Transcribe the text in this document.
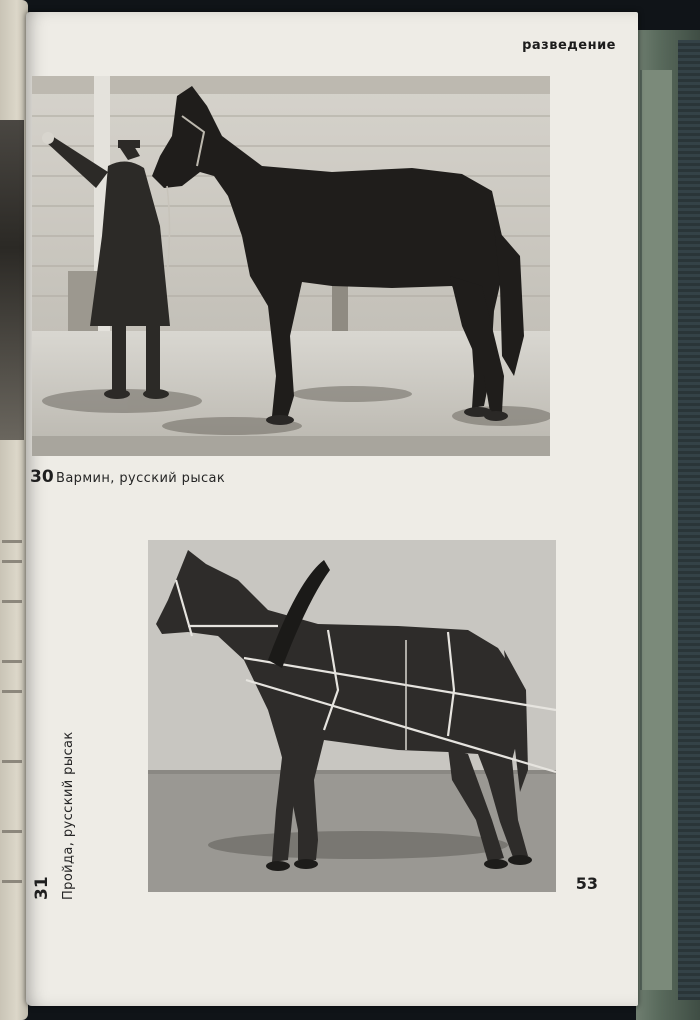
разведение
30 Вармин, русский рысак
31 Пройда, русский рысак	53
